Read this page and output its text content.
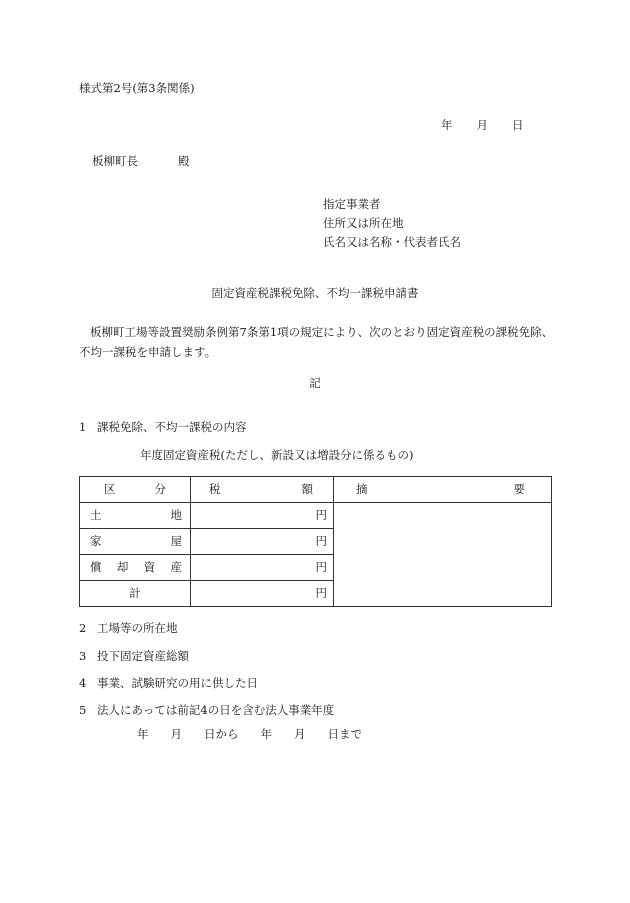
様式第2号(第3条関係)
年 月 日
板柳町長	殿
指定事業者
住所又は所在地
氏名又は名称・代表者氏名
固定資産税課税免除、不均一課税申請書

板柳町工場等設置奨励条例第7条第1項の規定により、次のとおり固定資産税の課税免除、

不均一課税を申請します。

記
1 課税免除、不均一課税の内容
年度固定資産税(ただし、新設又は増設分に係るもの)
区 分	税 額	摘 要

土 地	円	

家 屋	円	

償 却 資 産	円	
計	円	
2 工場等の所在地
3 投下固定資産総額
4 事業、試験研究の用に供した日
5 法人にあっては前記4の日を含む法人事業年度
年 月 日から 年 月 日まで
